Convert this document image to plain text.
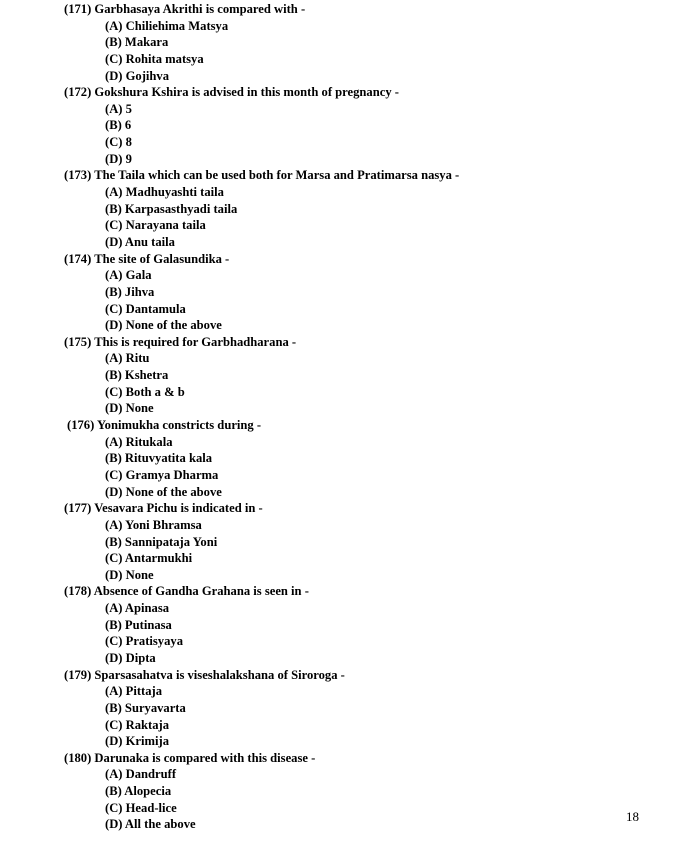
(171) Garbhasaya Akrithi is compared with -
(A) Chiliehima Matsya
(B) Makara
(C) Rohita matsya
(D) Gojihva
(172) Gokshura Kshira is advised in this month of pregnancy -
(A) 5
(B) 6
(C) 8
(D) 9
(173) The Taila which can be used both for Marsa and Pratimarsa nasya -
(A) Madhuyashti taila
(B) Karpasasthyadi taila
(C) Narayana taila
(D) Anu taila
(174) The site of Galasundika -
(A) Gala
(B) Jihva
(C) Dantamula
(D) None of the above
(175) This is required for Garbhadharana -
(A) Ritu
(B) Kshetra
(C) Both a & b
(D) None
(176) Yonimukha constricts during -
(A) Ritukala
(B) Rituvyatita kala
(C) Gramya Dharma
(D) None of the above
(177) Vesavara Pichu is indicated in -
(A) Yoni Bhramsa
(B) Sannipataja Yoni
(C) Antarmukhi
(D) None
(178) Absence of Gandha Grahana is seen in -
(A) Apinasa
(B) Putinasa
(C) Pratisyaya
(D) Dipta
(179) Sparsasahatva is viseshalakshana of Siroroga -
(A) Pittaja
(B) Suryavarta
(C) Raktaja
(D) Krimija
(180) Darunaka is compared with this disease -
(A) Dandruff
(B) Alopecia
(C) Head-lice
(D) All the above
18
